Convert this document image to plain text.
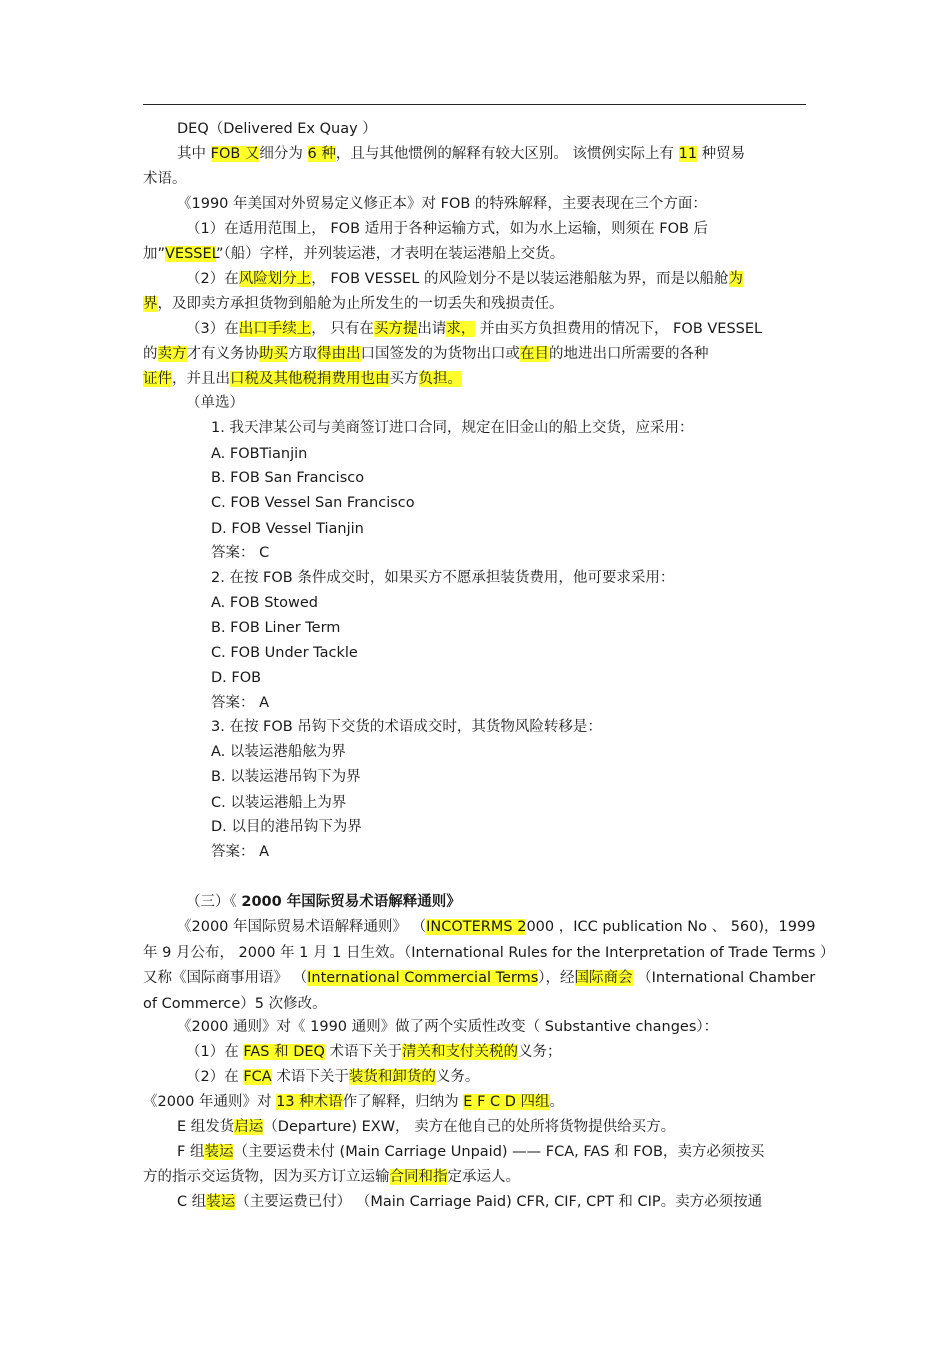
DEQ（Delivered Ex Quay ）
其中 FOB 又细分为 6 种，且与其他惯例的解释有较大区别。 该惯例实际上有 11 种贸易
术语。
《1990 年美国对外贸易定义修正本》对 FOB 的特殊解释，主要表现在三个方面：
（1）在适用范围上， FOB 适用于各种运输方式，如为水上运输，则须在 FOB 后
加”VESSEL”（船）字样，并列装运港，才表明在装运港船上交货。
（2）在风险划分上， FOB VESSEL 的风险划分不是以装运港船舷为界，而是以船舱为
界，及即卖方承担货物到船舱为止所发生的一切丢失和残损责任。
（3）在出口手续上， 只有在买方提出请求， 并由买方负担费用的情况下， FOB VESSEL
的卖方才有义务协助买方取得由出口国签发的为货物出口或在目的地进出口所需要的各种
证件，并且出口税及其他税捐费用也由买方负担。
（单选）
1. 我天津某公司与美商签订进口合同，规定在旧金山的船上交货，应采用：
A. FOBTianjin
B. FOB San Francisco
C. FOB Vessel San Francisco
D. FOB Vessel Tianjin
答案： C
2. 在按 FOB 条件成交时，如果买方不愿承担装货费用，他可要求采用：
A. FOB Stowed
B. FOB Liner Term
C. FOB Under Tackle
D. FOB
答案： A
3. 在按 FOB 吊钩下交货的术语成交时，其货物风险转移是：
A. 以装运港船舷为界
B. 以装运港吊钩下为界
C. 以装运港船上为界
D. 以目的港吊钩下为界
答案： A
（三）《 2000 年国际贸易术语解释通则》
《2000 年国际贸易术语解释通则》 （INCOTERMS 2000 ，ICC publication No 、 560)，1999
年 9 月公布， 2000 年 1 月 1 日生效。（International Rules for the Interpretation of Trade Terms ）
又称《国际商事用语》 （International Commercial Terms），经国际商会 （International Chamber
of Commerce）5 次修改。
《2000 通则》对《 1990 通则》做了两个实质性改变（ Substantive changes）：
（1）在 FAS 和 DEQ 术语下关于清关和支付关税的义务；
（2）在 FCA 术语下关于装货和卸货的义务。
《2000 年通则》对 13 种术语作了解释，归纳为 E F C D 四组。
E 组发货启运（Departure) EXW， 卖方在他自己的处所将货物提供给买方。
F 组装运（主要运费未付 (Main Carriage Unpaid) —— FCA, FAS 和 FOB，卖方必须按买
方的指示交运货物，因为买方订立运输合同和指定承运人。
C 组装运（主要运费已付） （Main Carriage Paid) CFR, CIF, CPT 和 CIP。卖方必须按通
